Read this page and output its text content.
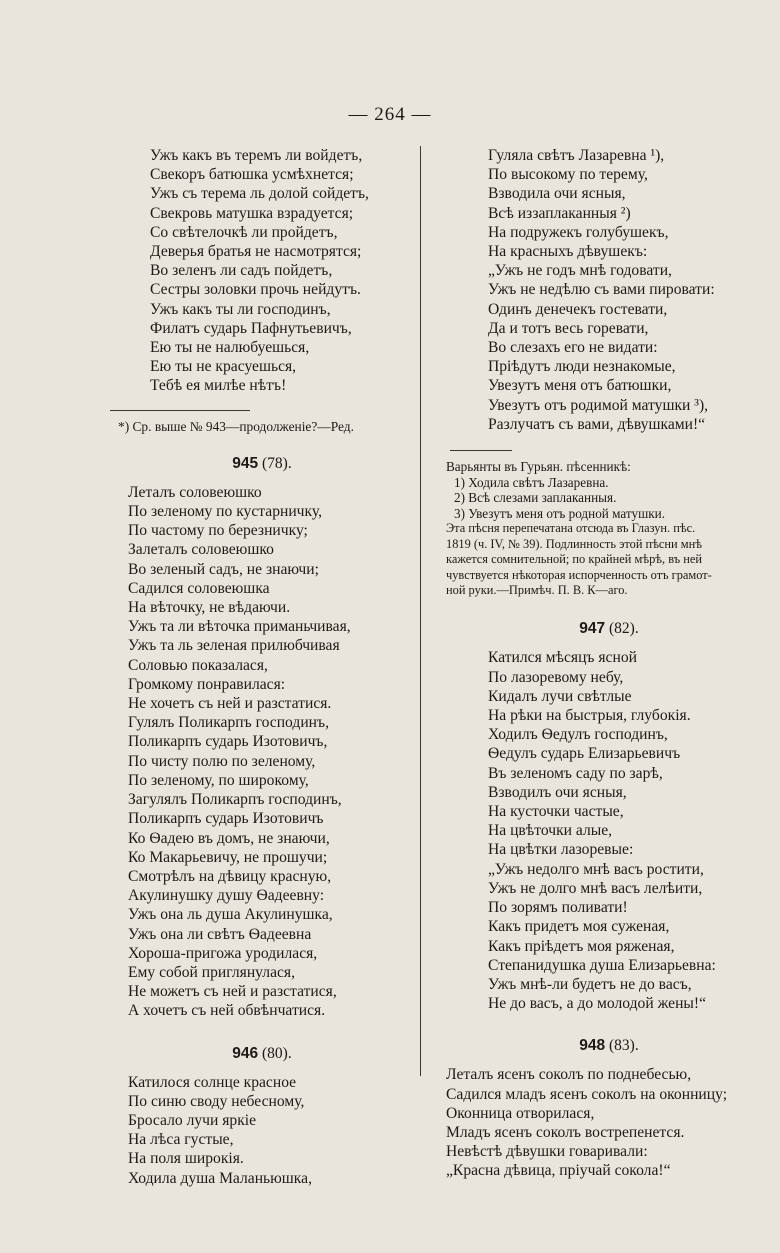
— 264 —
Ужъ какъ въ теремъ ли войдетъ,
Свекоръ батюшка усмѣхнется;
Ужъ съ терема ль долой сойдетъ,
Свекровь матушка взрадуется;
Со свѣтелочкѣ ли пройдетъ,
Деверья братья не насмотрятся;
Во зеленъ ли садъ пойдетъ,
Сестры золовки прочь нейдутъ.
Ужъ какъ ты ли господинъ,
Филатъ сударь Пафнутьевичъ,
Ею ты не налюбуешься,
Ею ты не красуешься,
Тебѣ ея милѣе нѣтъ!
*) Ср. выше № 943—продолженіе?—Ред.
945 (78).
Леталъ соловеюшко
По зеленому по кустарничку,
По частому по березничку;
Залеталъ соловеюшко
Во зеленый садъ, не знаючи;
Садился соловеюшка
На вѣточку, не вѣдаючи.
Ужъ та ли вѣточка приманьчивая,
Ужъ та ль зеленая прилюбчивая
Соловью показалася,
Громкому понравилася:
Не хочетъ съ ней и разстатися.
Гулялъ Поликарпъ господинъ,
Поликарпъ сударь Изотовичъ,
По чисту полю по зеленому,
По зеленому, по широкому,
Загулялъ Поликарпъ господинъ,
Поликарпъ сударь Изотовичъ
Ко Ѳадею въ домъ, не знаючи,
Ко Макарьевичу, не прошучи;
Смотрѣлъ на дѣвицу красную,
Акулинушку душу Ѳадеевну:
Ужъ она ль душа Акулинушка,
Ужъ она ли свѣтъ Ѳадеевна
Хороша-пригожа уродилася,
Ему собой приглянулася,
Не можетъ съ ней и разстатися,
А хочетъ съ ней обвѣнчатися.
946 (80).
Катилося солнце красное
По синю своду небесному,
Бросало лучи яркіе
На лѣса густые,
На поля широкія.
Ходила душа Маланьюшка,
Гуляла свѣтъ Лазаревна ¹),
По высокому по терему,
Взводила очи ясныя,
Всѣ иззаплаканныя ²)
На подружекъ голубушекъ,
На красныхъ дѣвушекъ:
„Ужъ не годъ мнѣ годовати,
Ужъ не недѣлю съ вами пировати:
Одинъ денечекъ гостевати,
Да и тотъ весь горевати,
Во слезахъ его не видати:
Пріѣдутъ люди незнакомые,
Увезутъ меня отъ батюшки,
Увезутъ отъ родимой матушки ³),
Разлучатъ съ вами, дѣвушками!“
Варьянты въ Гурьян. пѣсенникѣ:
1) Ходила свѣтъ Лазаревна.
2) Всѣ слезами заплаканныя.
3) Увезутъ меня отъ родной матушки.
Эта пѣсня перепечатана отсюда въ Глазун. пѣс.
1819 (ч. IV, № 39). Подлинность этой пѣсни мнѣ
кажется сомнительной; по крайней мѣрѣ, въ ней
чувствуется нѣкоторая испорченность отъ грамот-
ной руки.—Примѣч. П. В. К—аго.
947 (82).
Катился мѣсяцъ ясной
По лазоревому небу,
Кидалъ лучи свѣтлые
На рѣки на быстрыя, глубокія.
Ходилъ Ѳедулъ господинъ,
Ѳедулъ сударь Елизарьевичъ
Въ зеленомъ саду по зарѣ,
Взводилъ очи ясныя,
На кусточки частые,
На цвѣточки алые,
На цвѣтки лазоревые:
„Ужъ недолго мнѣ васъ ростити,
Ужъ не долго мнѣ васъ лелѣити,
По зорямъ поливати!
Какъ придетъ моя суженая,
Какъ пріѣдетъ моя ряженая,
Степанидушка душа Елизарьевна:
Ужъ мнѣ-ли будетъ не до васъ,
Не до васъ, а до молодой жены!“
948 (83).
Леталъ ясенъ соколъ по поднебесью,
Садился младъ ясенъ соколъ на оконницу;
Оконница отворилася,
Младъ ясенъ соколъ вострепенется.
Невѣстѣ дѣвушки говаривали:
„Красна дѣвица, пріучай сокола!“
